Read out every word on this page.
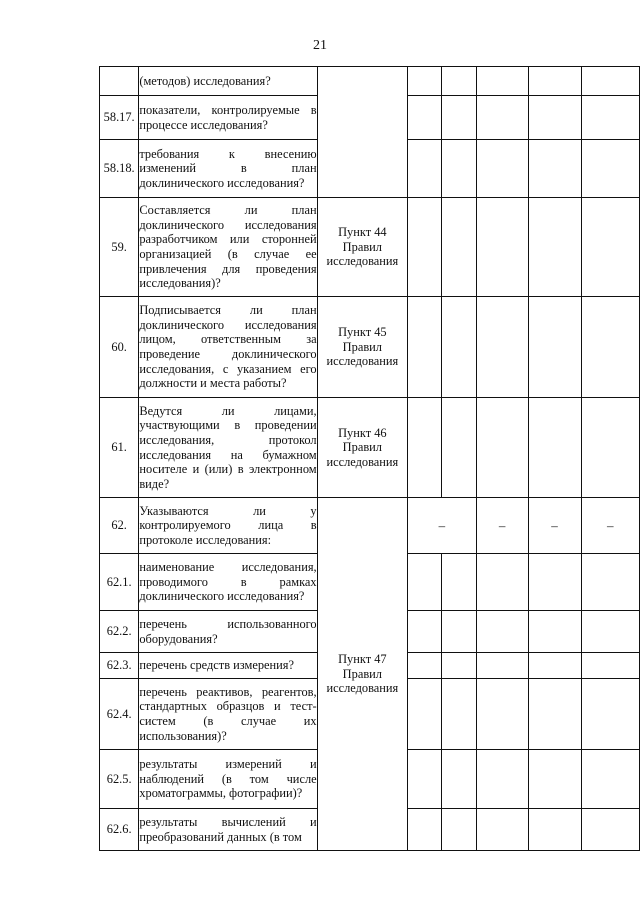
21
	(методов) исследования?						
58.17.	показатели, контролируемые в процессе исследования?						
58.18.	требования к внесению изменений в план доклинического исследования?						
59.	Составляется ли план доклинического исследования разработчиком или сторонней организацией (в случае ее привлечения для проведения исследования)?	Пункт 44 Правил исследования					
60.	Подписывается ли план доклинического исследования лицом, ответственным за проведение доклинического исследования, с указанием его должности и места работы?	Пункт 45 Правил исследования					
61.	Ведутся ли лицами, участвующими в проведении исследования, протокол исследования на бумажном носителе и (или) в электронном виде?	Пункт 46 Правил исследования					
62.	Указываются ли у контролируемого лица в протоколе исследования:	Пункт 47 Правил исследования	–		–	–	–
62.1.	наименование исследования, проводимого в рамках доклинического исследования?						
62.2.	перечень использованного оборудования?						
62.3.	перечень средств измерения?						
62.4.	перечень реактивов, реагентов, стандартных образцов и тест-систем (в случае их использования)?						
62.5.	результаты измерений и наблюдений (в том числе хроматограммы, фотографии)?						
62.6.	результаты вычислений и преобразований данных (в том						
